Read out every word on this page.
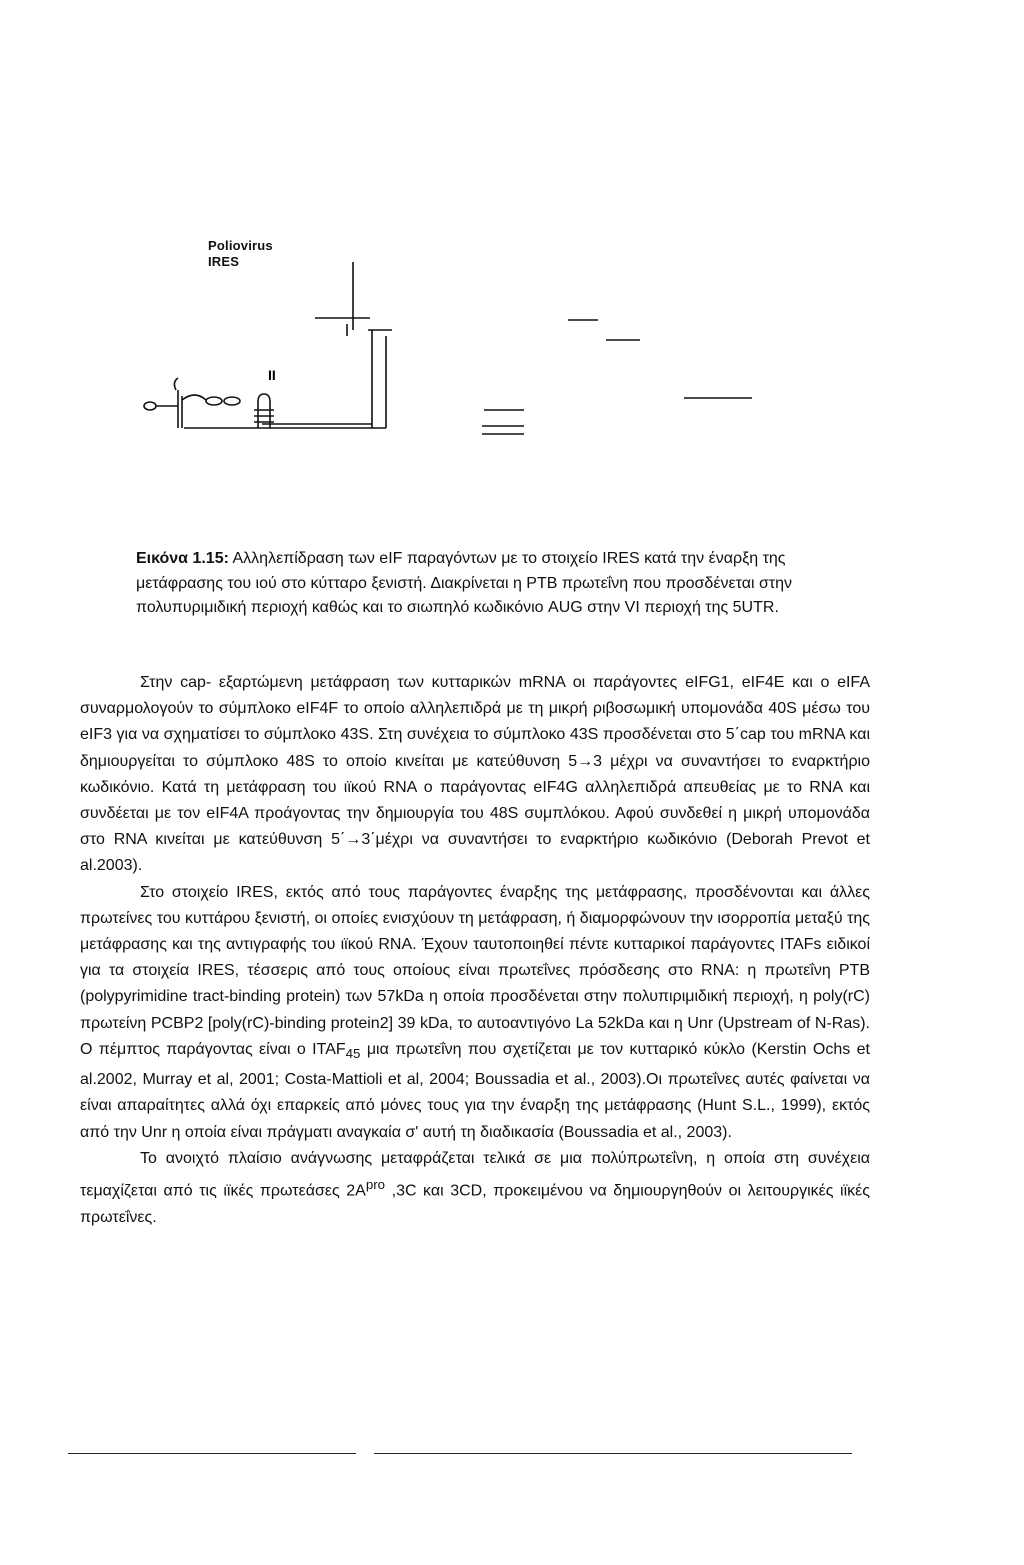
Poliovirus
IRES
II
Εικόνα 1.15: Αλληλεπίδραση των eIF παραγόντων με το στοιχείο IRES κατά την έναρξη της μετάφρασης του ιού στο κύτταρο ξενιστή. Διακρίνεται η PTB πρωτεΐνη που προσδένεται στην πολυπυριμιδική περιοχή καθώς και το σιωπηλό κωδικόνιο AUG στην VI περιοχή της 5UTR.

Στην cap- εξαρτώμενη μετάφραση των κυτταρικών mRNA οι παράγοντες eIFG1, eIF4E και ο eIFA συναρμολογούν το σύμπλοκο eIF4F το οποίο αλληλεπιδρά με τη μικρή ριβοσωμική υπομονάδα 40S μέσω του eIF3 για να σχηματίσει το σύμπλοκο 43S. Στη συνέχεια το σύμπλοκο 43S προσδένεται στο 5΄cap του mRNA και δημιουργείται το σύμπλοκο 48S το οποίο κινείται με κατεύθυνση 5→3 μέχρι να συναντήσει το εναρκτήριο κωδικόνιο. Κατά τη μετάφραση του ιϊκού RNA ο παράγοντας eIF4G αλληλεπιδρά απευθείας με το RNA και συνδέεται με τον eIF4A προάγοντας την δημιουργία του 48S συμπλόκου. Αφού συνδεθεί η μικρή υπομονάδα στο RNA κινείται με κατεύθυνση 5΄→3΄μέχρι να συναντήσει το εναρκτήριο κωδικόνιο (Deborah Prevot et al.2003).

Στο στοιχείο IRES, εκτός από τους παράγοντες έναρξης της μετάφρασης, προσδένονται και άλλες πρωτείνες του κυττάρου ξενιστή, οι οποίες ενισχύουν τη μετάφραση, ή διαμορφώνουν την ισορροπία μεταξύ της μετάφρασης και της αντιγραφής του ιϊκού RNA. Έχουν ταυτοποιηθεί πέντε κυτταρικοί παράγοντες ITAFs ειδικοί για τα στοιχεία IRES, τέσσερις από τους οποίους είναι πρωτεΐνες πρόσδεσης στο RNA: η πρωτεΐνη PTB (polypyrimidine tract-binding protein) των 57kDa η οποία προσδένεται στην πολυπιριμιδική περιοχή, η poly(rC) πρωτείνη PCBP2 [poly(rC)-binding protein2] 39 kDa, το αυτοαντιγόνο La 52kDa και η Unr (Upstream of N-Ras). Ο πέμπτος παράγοντας είναι ο $ITAF_{45}$ μια πρωτεΐνη που σχετίζεται με τον κυτταρικό κύκλο (Kerstin Ochs et al.2002, Murray et al, 2001; Costa-Mattioli et al, 2004; Boussadia et al., 2003).Οι πρωτεΐνες αυτές φαίνεται να είναι απαραίτητες αλλά όχι επαρκείς από μόνες τους για την έναρξη της μετάφρασης (Hunt S.L., 1999), εκτός από την Unr η οποία είναι πράγματι αναγκαία σ' αυτή τη διαδικασία (Boussadia et al., 2003).

Το ανοιχτό πλαίσιο ανάγνωσης μεταφράζεται τελικά σε μια πολύπρωτεΐνη, η οποία στη συνέχεια τεμαχίζεται από τις ιϊκές πρωτεάσες $2A^{pro}$ ,3C και 3CD, προκειμένου να δημιουργηθούν οι λειτουργικές ιϊκές πρωτεΐνες.
